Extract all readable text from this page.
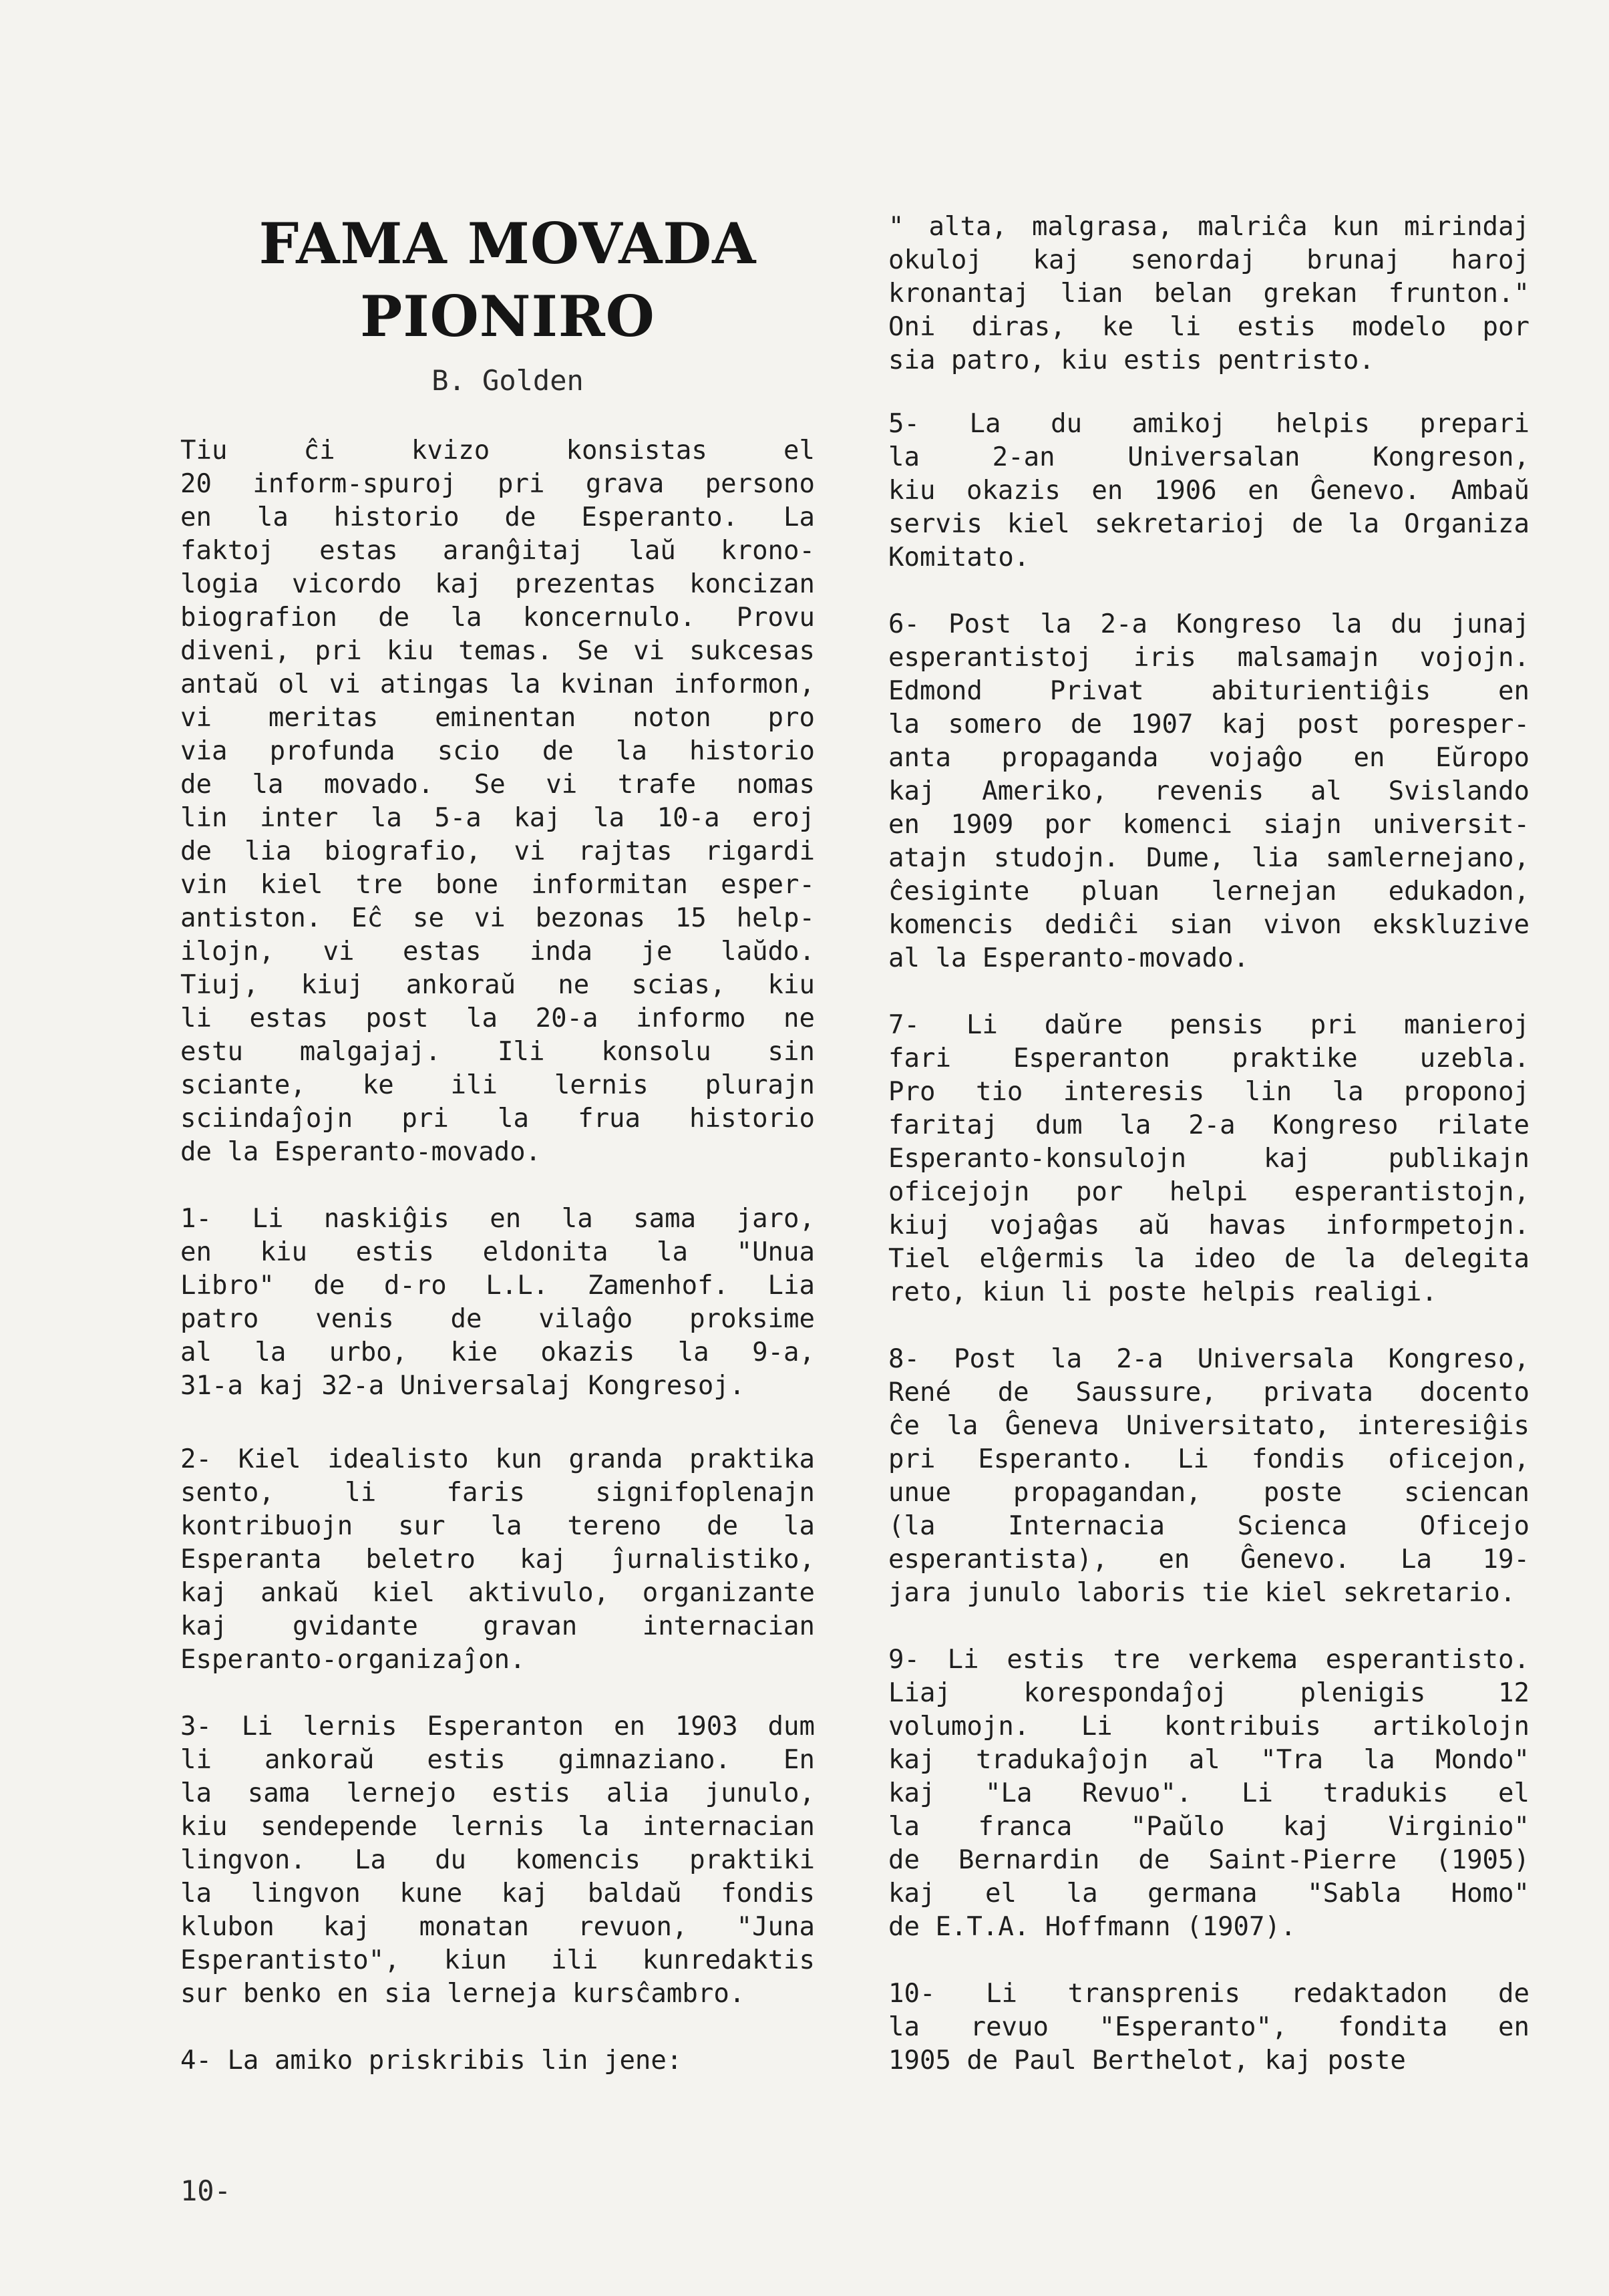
FAMA MOVADA
PIONIRO
B. Golden
Tiu ĉi kvizo konsistas el
20 inform-spuroj pri grava persono
en la historio de Esperanto. La
faktoj estas aranĝitaj laŭ krono-
logia vicordo kaj prezentas koncizan
biografion de la koncernulo. Provu
diveni, pri kiu temas. Se vi sukcesas
antaŭ ol vi atingas la kvinan informon,
vi meritas eminentan noton pro
via profunda scio de la historio
de la movado. Se vi trafe nomas
lin inter la 5-a kaj la 10-a eroj
de lia biografio, vi rajtas rigardi
vin kiel tre bone informitan esper-
antiston. Eĉ se vi bezonas 15 help-
ilojn, vi estas inda je laŭdo.
Tiuj, kiuj ankoraŭ ne scias, kiu
li estas post la 20-a informo ne
estu malgajaj. Ili konsolu sin
sciante, ke ili lernis plurajn
sciindaĵojn pri la frua historio
de la Esperanto-movado.
1- Li naskiĝis en la sama jaro,
en kiu estis eldonita la "Unua
Libro" de d-ro L.L. Zamenhof. Lia
patro venis de vilaĝo proksime
al la urbo, kie okazis la 9-a,
31-a kaj 32-a Universalaj Kongresoj.
2- Kiel idealisto kun granda praktika
sento, li faris signifoplenajn
kontribuojn sur la tereno de la
Esperanta beletro kaj ĵurnalistiko,
kaj ankaŭ kiel aktivulo, organizante
kaj gvidante gravan internacian
Esperanto-organizaĵon.
3- Li lernis Esperanton en 1903 dum
li ankoraŭ estis gimnaziano. En
la sama lernejo estis alia junulo,
kiu sendepende lernis la internacian
lingvon. La du komencis praktiki
la lingvon kune kaj baldaŭ fondis
klubon kaj monatan revuon, "Juna
Esperantisto", kiun ili kunredaktis
sur benko en sia lerneja kursĉambro.
4- La amiko priskribis lin jene:
" alta, malgrasa, malriĉa kun mirindaj
okuloj kaj senordaj brunaj haroj
kronantaj lian belan grekan frunton."
Oni diras, ke li estis modelo por
sia patro, kiu estis pentristo.
5- La du amikoj helpis prepari
la 2-an Universalan Kongreson,
kiu okazis en 1906 en Ĝenevo. Ambaŭ
servis kiel sekretarioj de la Organiza
Komitato.
6- Post la 2-a Kongreso la du junaj
esperantistoj iris malsamajn vojojn.
Edmond Privat abiturientiĝis en
la somero de 1907 kaj post poresper-
anta propaganda vojaĝo en Eŭropo
kaj Ameriko, revenis al Svislando
en 1909 por komenci siajn universit-
atajn studojn. Dume, lia samlernejano,
ĉesiginte pluan lernejan edukadon,
komencis dediĉi sian vivon ekskluzive
al la Esperanto-movado.
7- Li daŭre pensis pri manieroj
fari Esperanton praktike uzebla.
Pro tio interesis lin la proponoj
faritaj dum la 2-a Kongreso rilate
Esperanto-konsulojn kaj publikajn
oficejojn por helpi esperantistojn,
kiuj vojaĝas aŭ havas informpetojn.
Tiel elĝermis la ideo de la delegita
reto, kiun li poste helpis realigi.
8- Post la 2-a Universala Kongreso,
René de Saussure, privata docento
ĉe la Ĝeneva Universitato, interesiĝis
pri Esperanto. Li fondis oficejon,
unue propagandan, poste sciencan
(la Internacia Scienca Oficejo
esperantista), en Ĝenevo. La 19-
jara junulo laboris tie kiel sekretario.
9- Li estis tre verkema esperantisto.
Liaj korespondaĵoj plenigis 12
volumojn. Li kontribuis artikolojn
kaj tradukaĵojn al "Tra la Mondo"
kaj "La Revuo". Li tradukis el
la franca "Paŭlo kaj Virginio"
de Bernardin de Saint-Pierre (1905)
kaj el la germana "Sabla Homo"
de E.T.A. Hoffmann (1907).
10- Li transprenis redaktadon de
la revuo "Esperanto", fondita en
1905 de Paul Berthelot, kaj poste
10-
